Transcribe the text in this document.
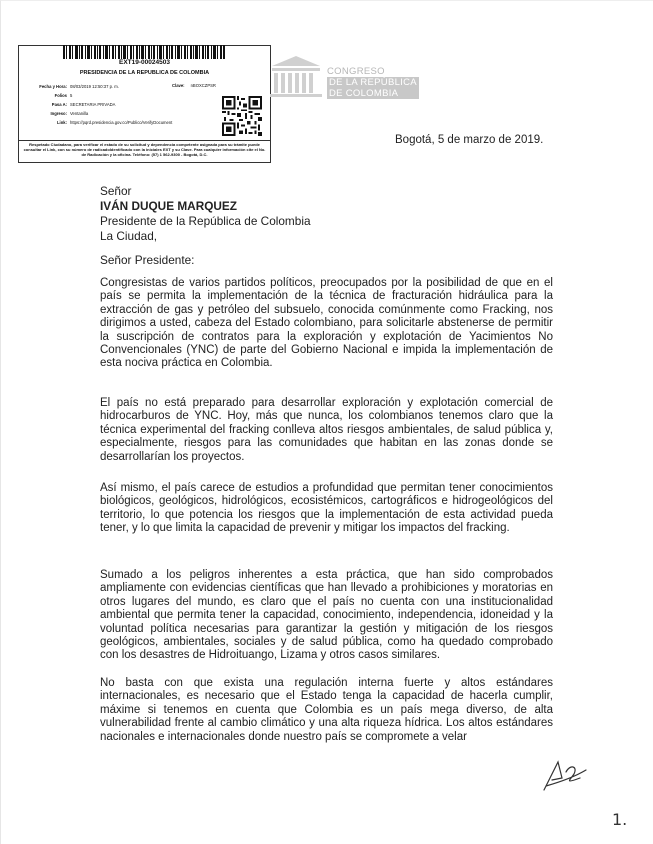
EXT19-00024503
PRESIDENCIA DE LA REPUBLICA DE COLOMBIA
Fecha y Hora: 08/03/2019 12:50:37 p. m.
Folios 5
Pasa A: SECRETARIA PRIVADA
Ingreso: Ventanilla
Link: https://pqrd.presidencia.gov.co/Publico/VerifyDocument
Clave: nBOXCZPSR
Respetado Ciudadano, para verificar el estado de su solicitud y dependencia competente asignada para su trámite puede consultar el Link, con su número de radicadoIdentificado con la iniciales EXT y su Clave. Para cualquier información cite el No. de Radicación y la oficina. Teléfono: (57) 1 562-9300 - Bogotá, D.C.
CONGRESO
DE LA REPÚBLICA
DE COLOMBIA
Bogotá, 5 de marzo de 2019.
Señor
IVÁN DUQUE MARQUEZ
Presidente de la República de Colombia
La Ciudad,
Señor Presidente:

Congresistas de varios partidos políticos, preocupados por la posibilidad de que en el país se permita la implementación de la técnica de fracturación hidráulica para la extracción de gas y petróleo del subsuelo, conocida comúnmente como Fracking, nos dirigimos a usted, cabeza del Estado colombiano, para solicitarle abstenerse de permitir la suscripción de contratos para la exploración y explotación de Yacimientos No Convencionales (YNC) de parte del Gobierno Nacional e impida la implementación de esta nociva práctica en Colombia.

El país no está preparado para desarrollar exploración y explotación comercial de hidrocarburos de YNC. Hoy, más que nunca, los colombianos tenemos claro que la técnica experimental del fracking conlleva altos riesgos ambientales, de salud pública y, especialmente, riesgos para las comunidades que habitan en las zonas donde se desarrollarían los proyectos.

Así mismo, el país carece de estudios a profundidad que permitan tener conocimientos biológicos, geológicos, hidrológicos, ecosistémicos, cartográficos e hidrogeológicos del territorio, lo que potencia los riesgos que la implementación de esta actividad pueda tener, y lo que limita la capacidad de prevenir y mitigar los impactos del fracking.

Sumado a los peligros inherentes a esta práctica, que han sido comprobados ampliamente con evidencias científicas que han llevado a prohibiciones y moratorias en otros lugares del mundo, es claro que el país no cuenta con una institucionalidad ambiental que permita tener la capacidad, conocimiento, independencia, idoneidad y la voluntad política necesarias para garantizar la gestión y mitigación de los riesgos geológicos, ambientales, sociales y de salud pública, como ha quedado comprobado con los desastres de Hidroituango, Lizama y otros casos similares.

No basta con que exista una regulación interna fuerte y altos estándares internacionales, es necesario que el Estado tenga la capacidad de hacerla cumplir, máxime si tenemos en cuenta que Colombia es un país mega diverso, de alta vulnerabilidad frente al cambio climático y una alta riqueza hídrica. Los altos estándares nacionales e internacionales donde nuestro país se compromete a velar

1.
